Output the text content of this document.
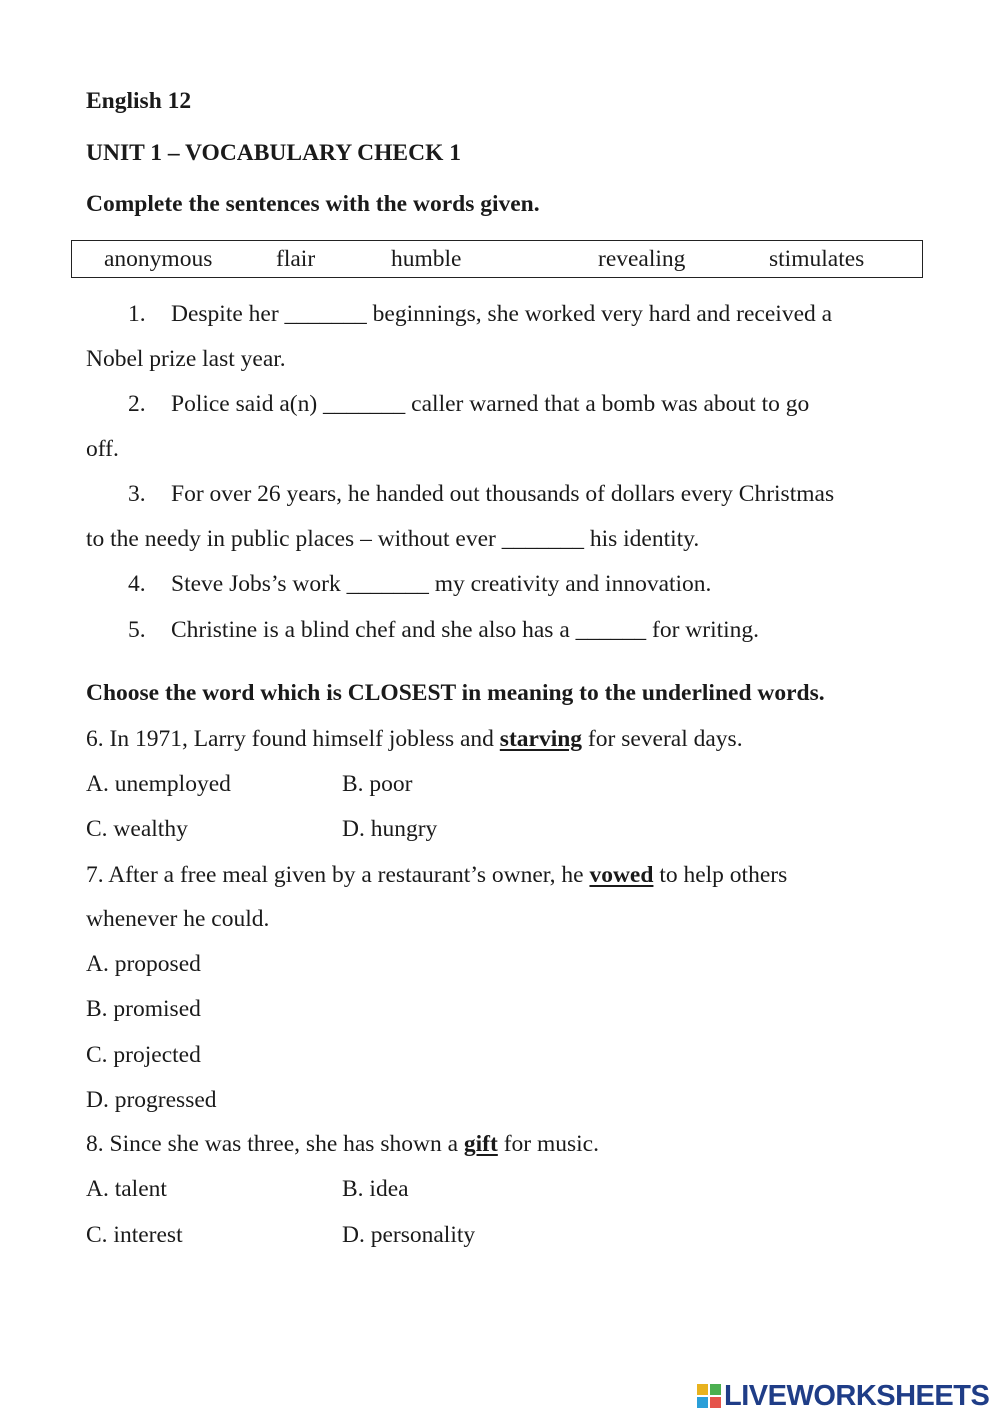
English 12
UNIT 1 – VOCABULARY CHECK 1
Complete the sentences with the words given.
anonymous	flair	humble	revealing	stimulates
1. Despite her _______ beginnings, she worked very hard and received a
Nobel prize last year.
2. Police said a(n) _______ caller warned that a bomb was about to go
off.
3. For over 26 years, he handed out thousands of dollars every Christmas
to the needy in public places – without ever _______ his identity.
4. Steve Jobs’s work _______ my creativity and innovation.
5. Christine is a blind chef and she also has a ______ for writing.
Choose the word which is CLOSEST in meaning to the underlined words.
6. In 1971, Larry found himself jobless and starving for several days.
A. unemployed	B. poor
C. wealthy	D. hungry
7. After a free meal given by a restaurant’s owner, he vowed to help others
whenever he could.
A. proposed
B. promised
C. projected
D. progressed
8. Since she was three, she has shown a gift for music.
A. talent	B. idea
C. interest	D. personality
LIVEWORKSHEETS
